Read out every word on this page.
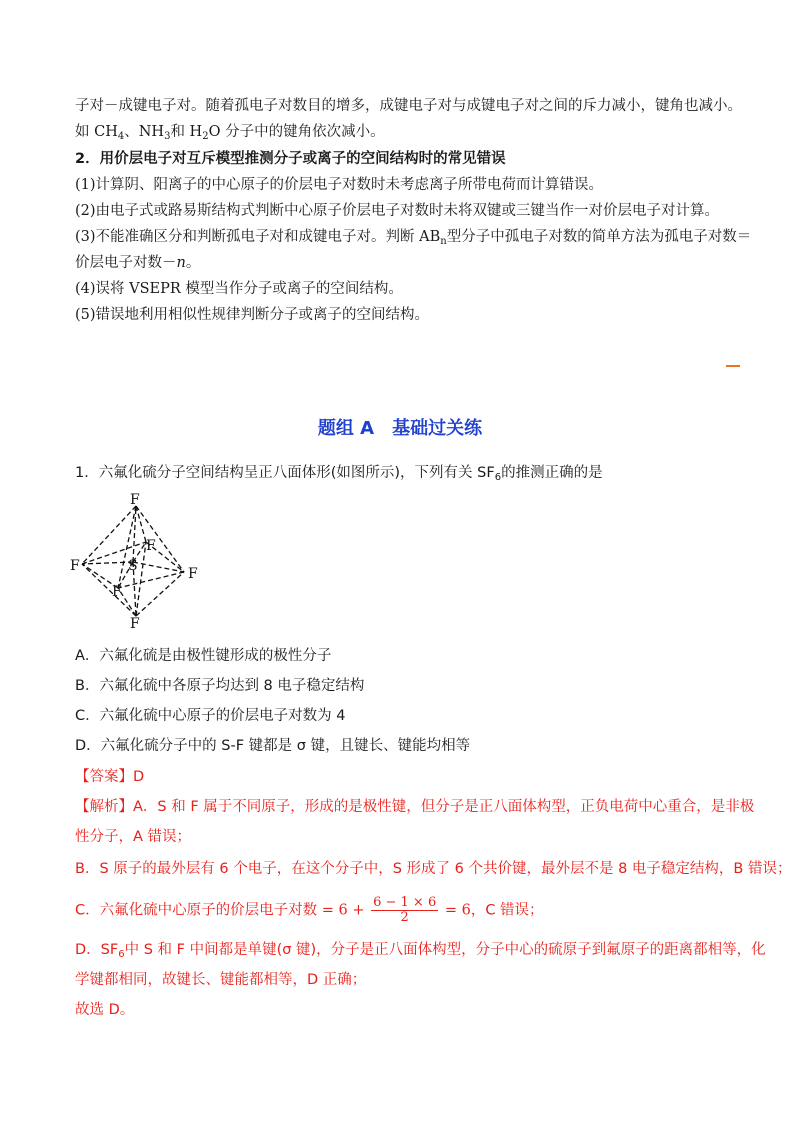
子对－成键电子对。随着孤电子对数目的增多，成键电子对与成键电子对之间的斥力减小，键角也减小。
如 $CH_4$、$NH_3$和 $H_2O$ 分子中的键角依次减小。
2．用价层电子对互斥模型推测分子或离子的空间结构时的常见错误
(1)计算阴、阳离子的中心原子的价层电子对数时未考虑离子所带电荷而计算错误。
(2)由电子式或路易斯结构式判断中心原子价层电子对数时未将双键或三键当作一对价层电子对计算。
(3)不能准确区分和判断孤电子对和成键电子对。判断 $AB_n$型分子中孤电子对数的简单方法为孤电子对数＝
价层电子对数－n。
(4)误将 VSEPR 模型当作分子或离子的空间结构。
(5)错误地利用相似性规律判断分子或离子的空间结构。
题组 A　基础过关练
1．六氟化硫分子空间结构呈正八面体形(如图所示)，下列有关 $SF_6$的推测正确的是
F
F
F	F
F
F
S
A．六氟化硫是由极性键形成的极性分子
B．六氟化硫中各原子均达到 8 电子稳定结构
C．六氟化硫中心原子的价层电子对数为 4
D．六氟化硫分子中的 S-F 键都是 σ 键，且键长、键能均相等
【答案】D
【解析】A．S 和 F 属于不同原子，形成的是极性键，但分子是正八面体构型，正负电荷中心重合，是非极
性分子，A 错误；
B．S 原子的最外层有 6 个电子，在这个分子中，S 形成了 6 个共价键，最外层不是 8 电子稳定结构，B 错误；
C．六氟化硫中心原子的价层电子对数 = $6 + \frac{6 - 1 \times 6}{2} = 6$，C 错误；
D．$SF_6$中 S 和 F 中间都是单键(σ 键)，分子是正八面体构型，分子中心的硫原子到氟原子的距离都相等，化
学键都相同，故键长、键能都相等，D 正确；
故选 D。
